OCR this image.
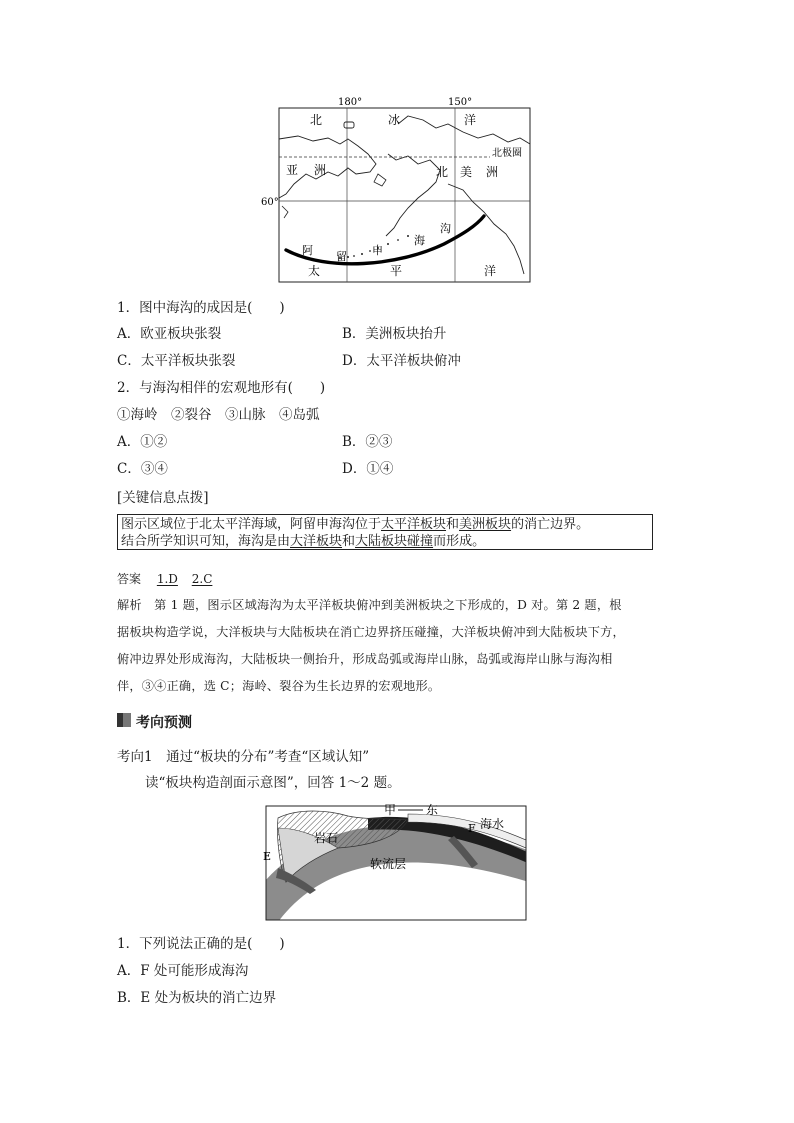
180°	150°
60°
北	冰	洋
北极圈
亚 洲	北 美 洲
阿 留 申
海
沟
太	平	洋
1．图中海沟的成因是(　　)
A．欧亚板块张裂	B．美洲板块抬升
C．太平洋板块张裂	D．太平洋板块俯冲
2．与海沟相伴的宏观地形有(　　)
①海岭　②裂谷　③山脉　④岛弧
A．①②	B．②③
C．③④	D．①④
[关键信息点拨]
图示区域位于北太平洋海域，阿留申海沟位于太平洋板块和美洲板块的消亡边界。
结合所学知识可知，海沟是由大洋板块和大陆板块碰撞而形成。
答案 1.D 2.C
解析　 第 1 题，图示区域海沟为太平洋板块俯冲到美洲板块之下形成的，D 对。第 2 题，根
据板块构造学说，大洋板块与大陆板块在消亡边界挤压碰撞，大洋板块俯冲到大陆板块下方，
俯冲边界处形成海沟，大陆板块一侧抬升，形成岛弧或海岸山脉，岛弧或海岸山脉与海沟相
伴，③④正确，选 C；海岭、裂谷为生长边界的宏观地形。
考向预测
考向1　通过“板块的分布”考查“区域认知”
读“板块构造剖面示意图”，回答 1～2 题。
甲 东
岩石
F 海水
E
软流层
1．下列说法正确的是(　　)
A．F 处可能形成海沟
B．E 处为板块的消亡边界
